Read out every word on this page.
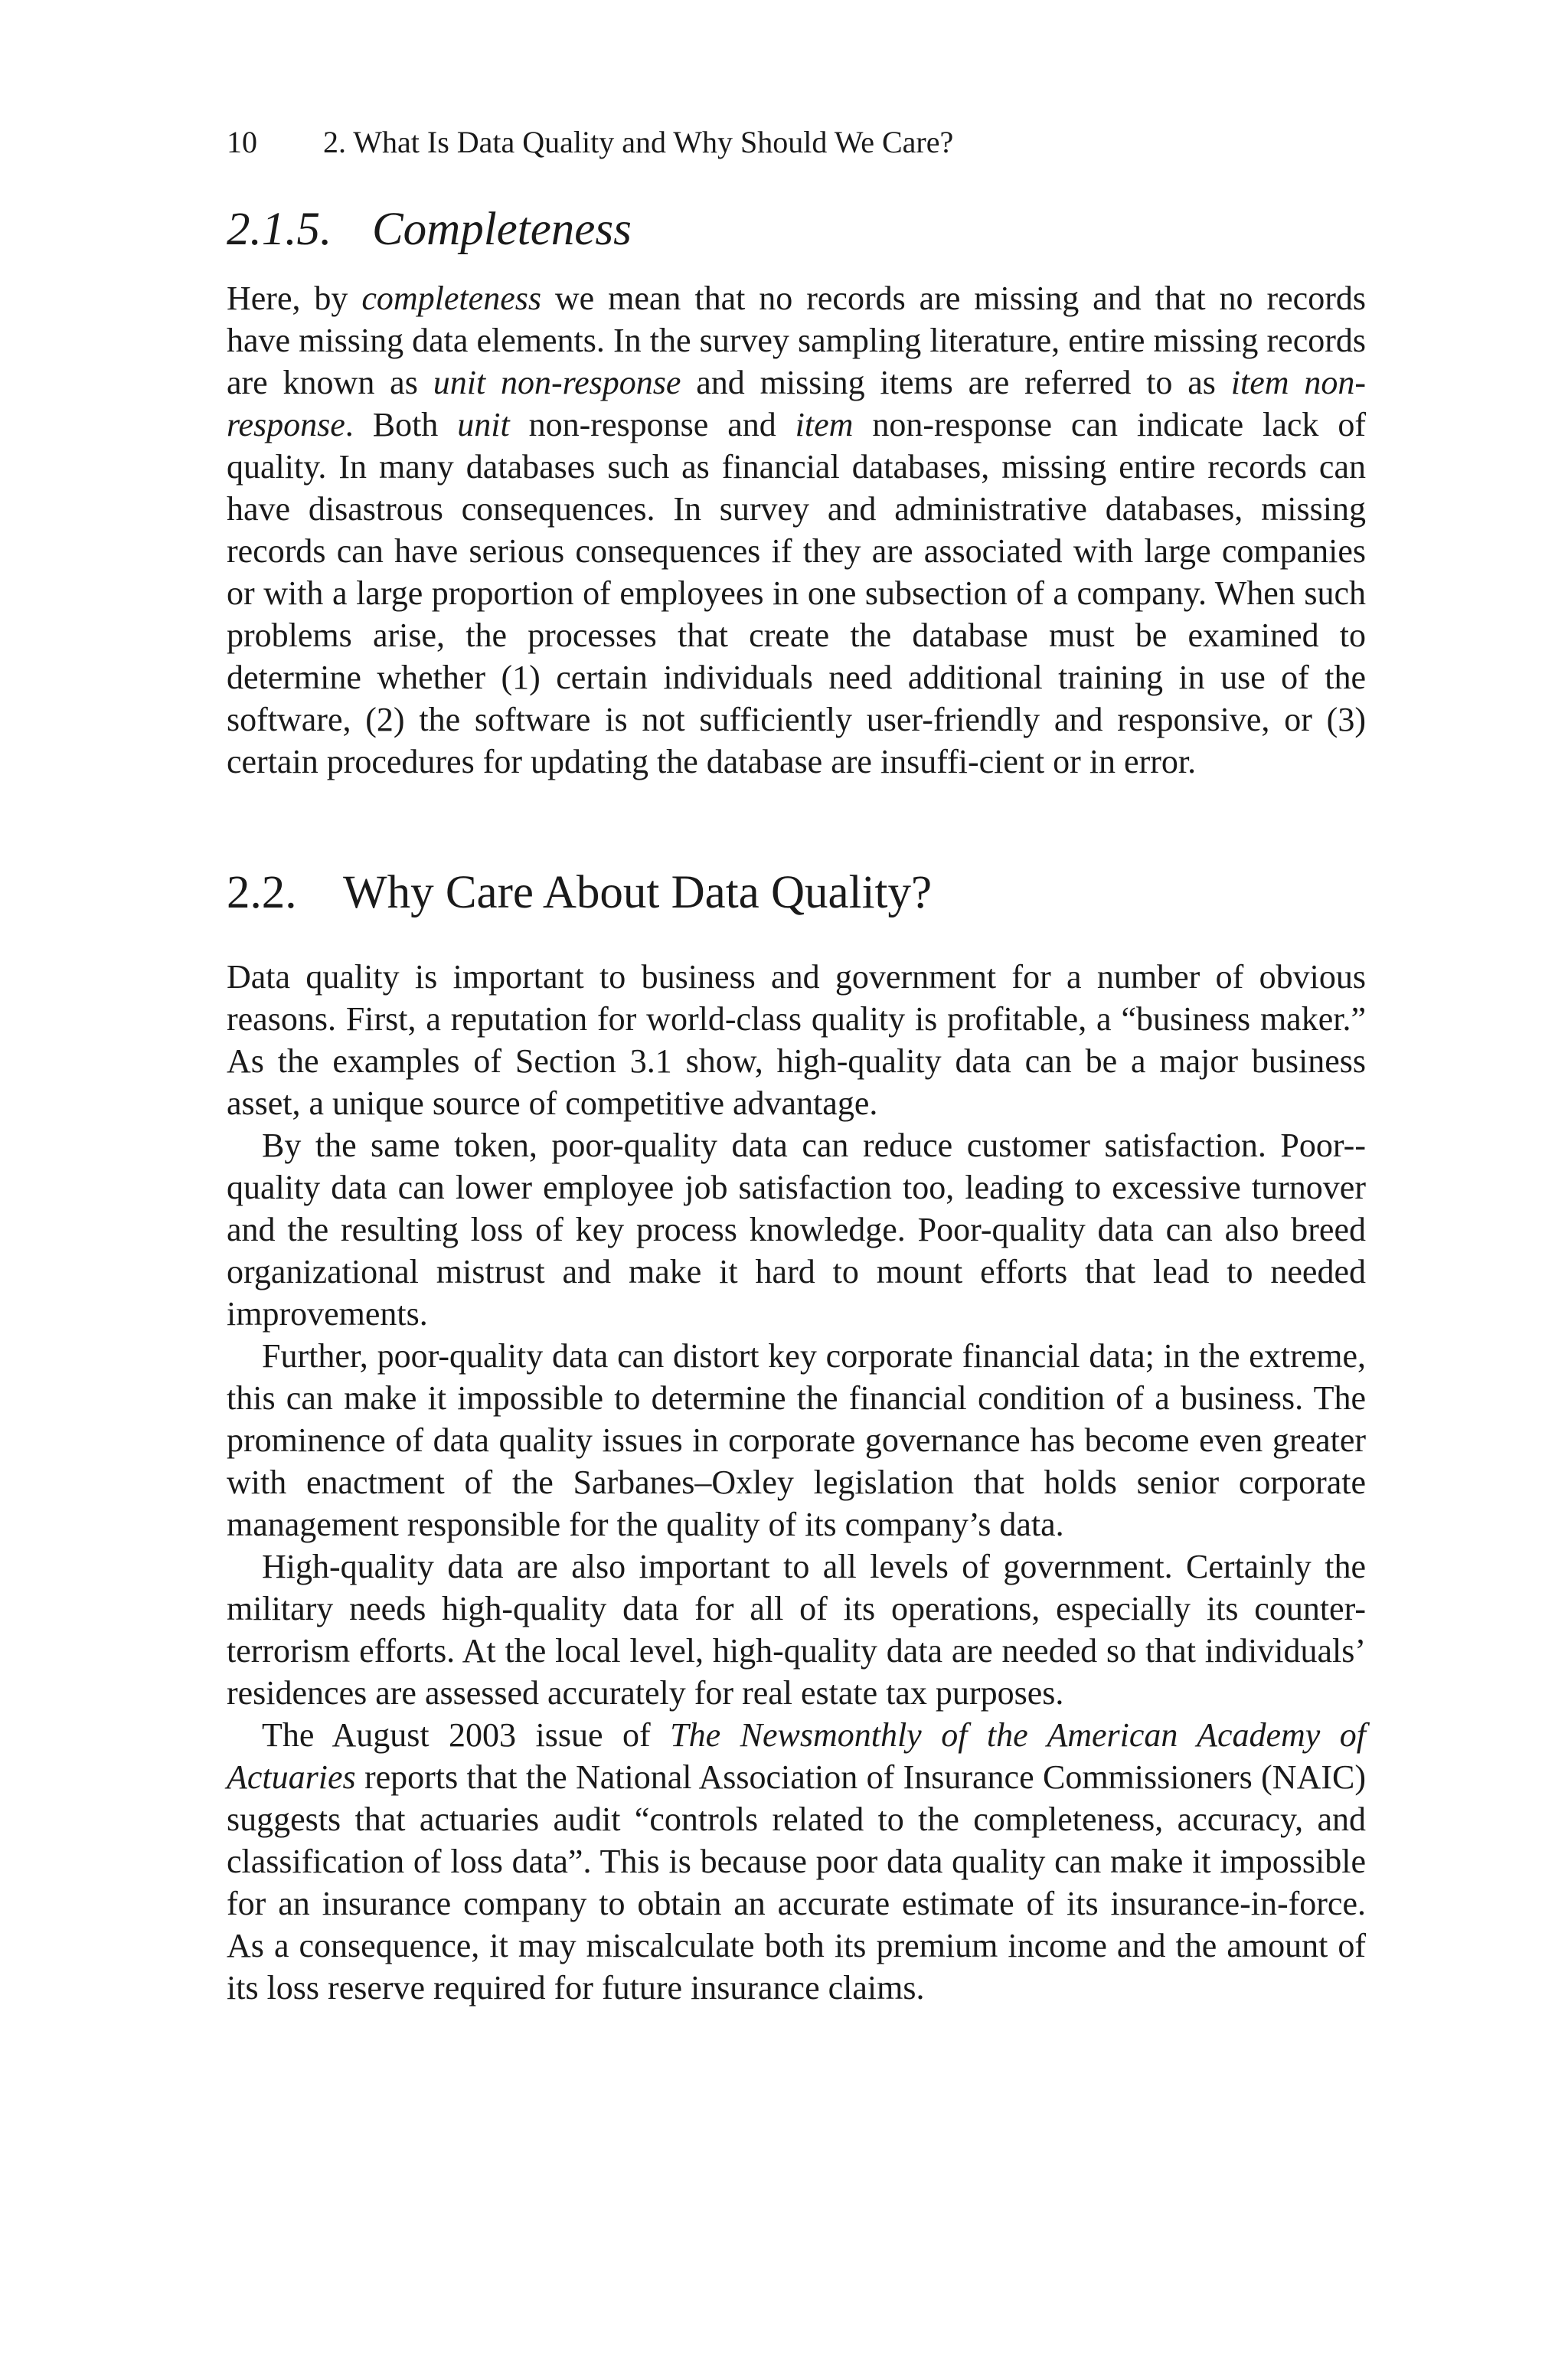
10 2. What Is Data Quality and Why Should We Care?
2.1.5. Completeness

Here, by completeness we mean that no records are missing and that no records have missing data elements. In the survey sampling literature, entire missing records are known as unit non-response and missing items are referred to as item non-response. Both unit non-response and item non-response can indicate lack of quality. In many databases such as financial databases, missing entire records can have disastrous consequences. In survey and administrative databases, missing records can have serious consequences if they are associated with large companies or with a large proportion of employees in one subsection of a company. When such problems arise, the processes that create the database must be examined to determine whether (1) certain individuals need additional training in use of the software, (2) the software is not sufficiently user-friendly and responsive, or (3) certain procedures for updating the database are insuffi-cient or in error.

2.2. Why Care About Data Quality?

Data quality is important to business and government for a number of obvious reasons. First, a reputation for world-class quality is profitable, a “business maker.” As the examples of Section 3.1 show, high-quality data can be a major business asset, a unique source of competitive advantage.

By the same token, poor-quality data can reduce customer satisfaction. Poor-quality data can lower employee job satisfaction too, leading to excessive turnover and the resulting loss of key process knowledge. Poor-quality data can also breed organizational mistrust and make it hard to mount efforts that lead to needed improvements.

Further, poor-quality data can distort key corporate financial data; in the extreme, this can make it impossible to determine the financial condition of a business. The prominence of data quality issues in corporate governance has become even greater with enactment of the Sarbanes–Oxley legislation that holds senior corporate management responsible for the quality of its company’s data.

High-quality data are also important to all levels of government. Certainly the military needs high-quality data for all of its operations, especially its counter-terrorism efforts. At the local level, high-quality data are needed so that individuals’ residences are assessed accurately for real estate tax purposes.

The August 2003 issue of The Newsmonthly of the American Academy of Actuaries reports that the National Association of Insurance Commissioners (NAIC) suggests that actuaries audit “controls related to the completeness, accuracy, and classification of loss data”. This is because poor data quality can make it impossible for an insurance company to obtain an accurate estimate of its insurance-in-force. As a consequence, it may miscalculate both its premium income and the amount of its loss reserve required for future insurance claims.
